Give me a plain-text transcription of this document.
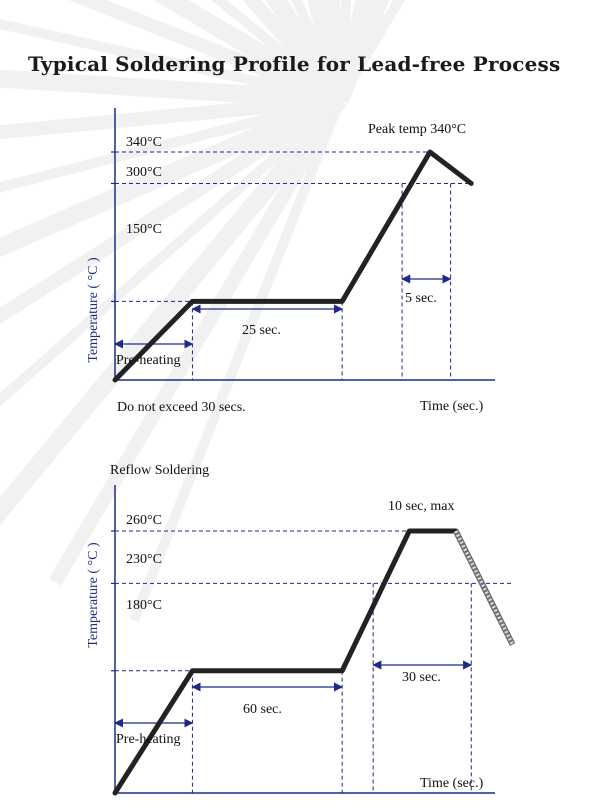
Typical Soldering Profile for Lead-free Process
Temperature ( °C )
340°C
300°C
150°C
Peak temp 340°C
5 sec.
25 sec.
Pre-heating
Time (sec.)
Do not exceed 30 secs.
Reflow Soldering
Temperature ( °C )
260°C
230°C
180°C
10 sec, max
30 sec.
60 sec.
Pre-heating
Time (sec.)
